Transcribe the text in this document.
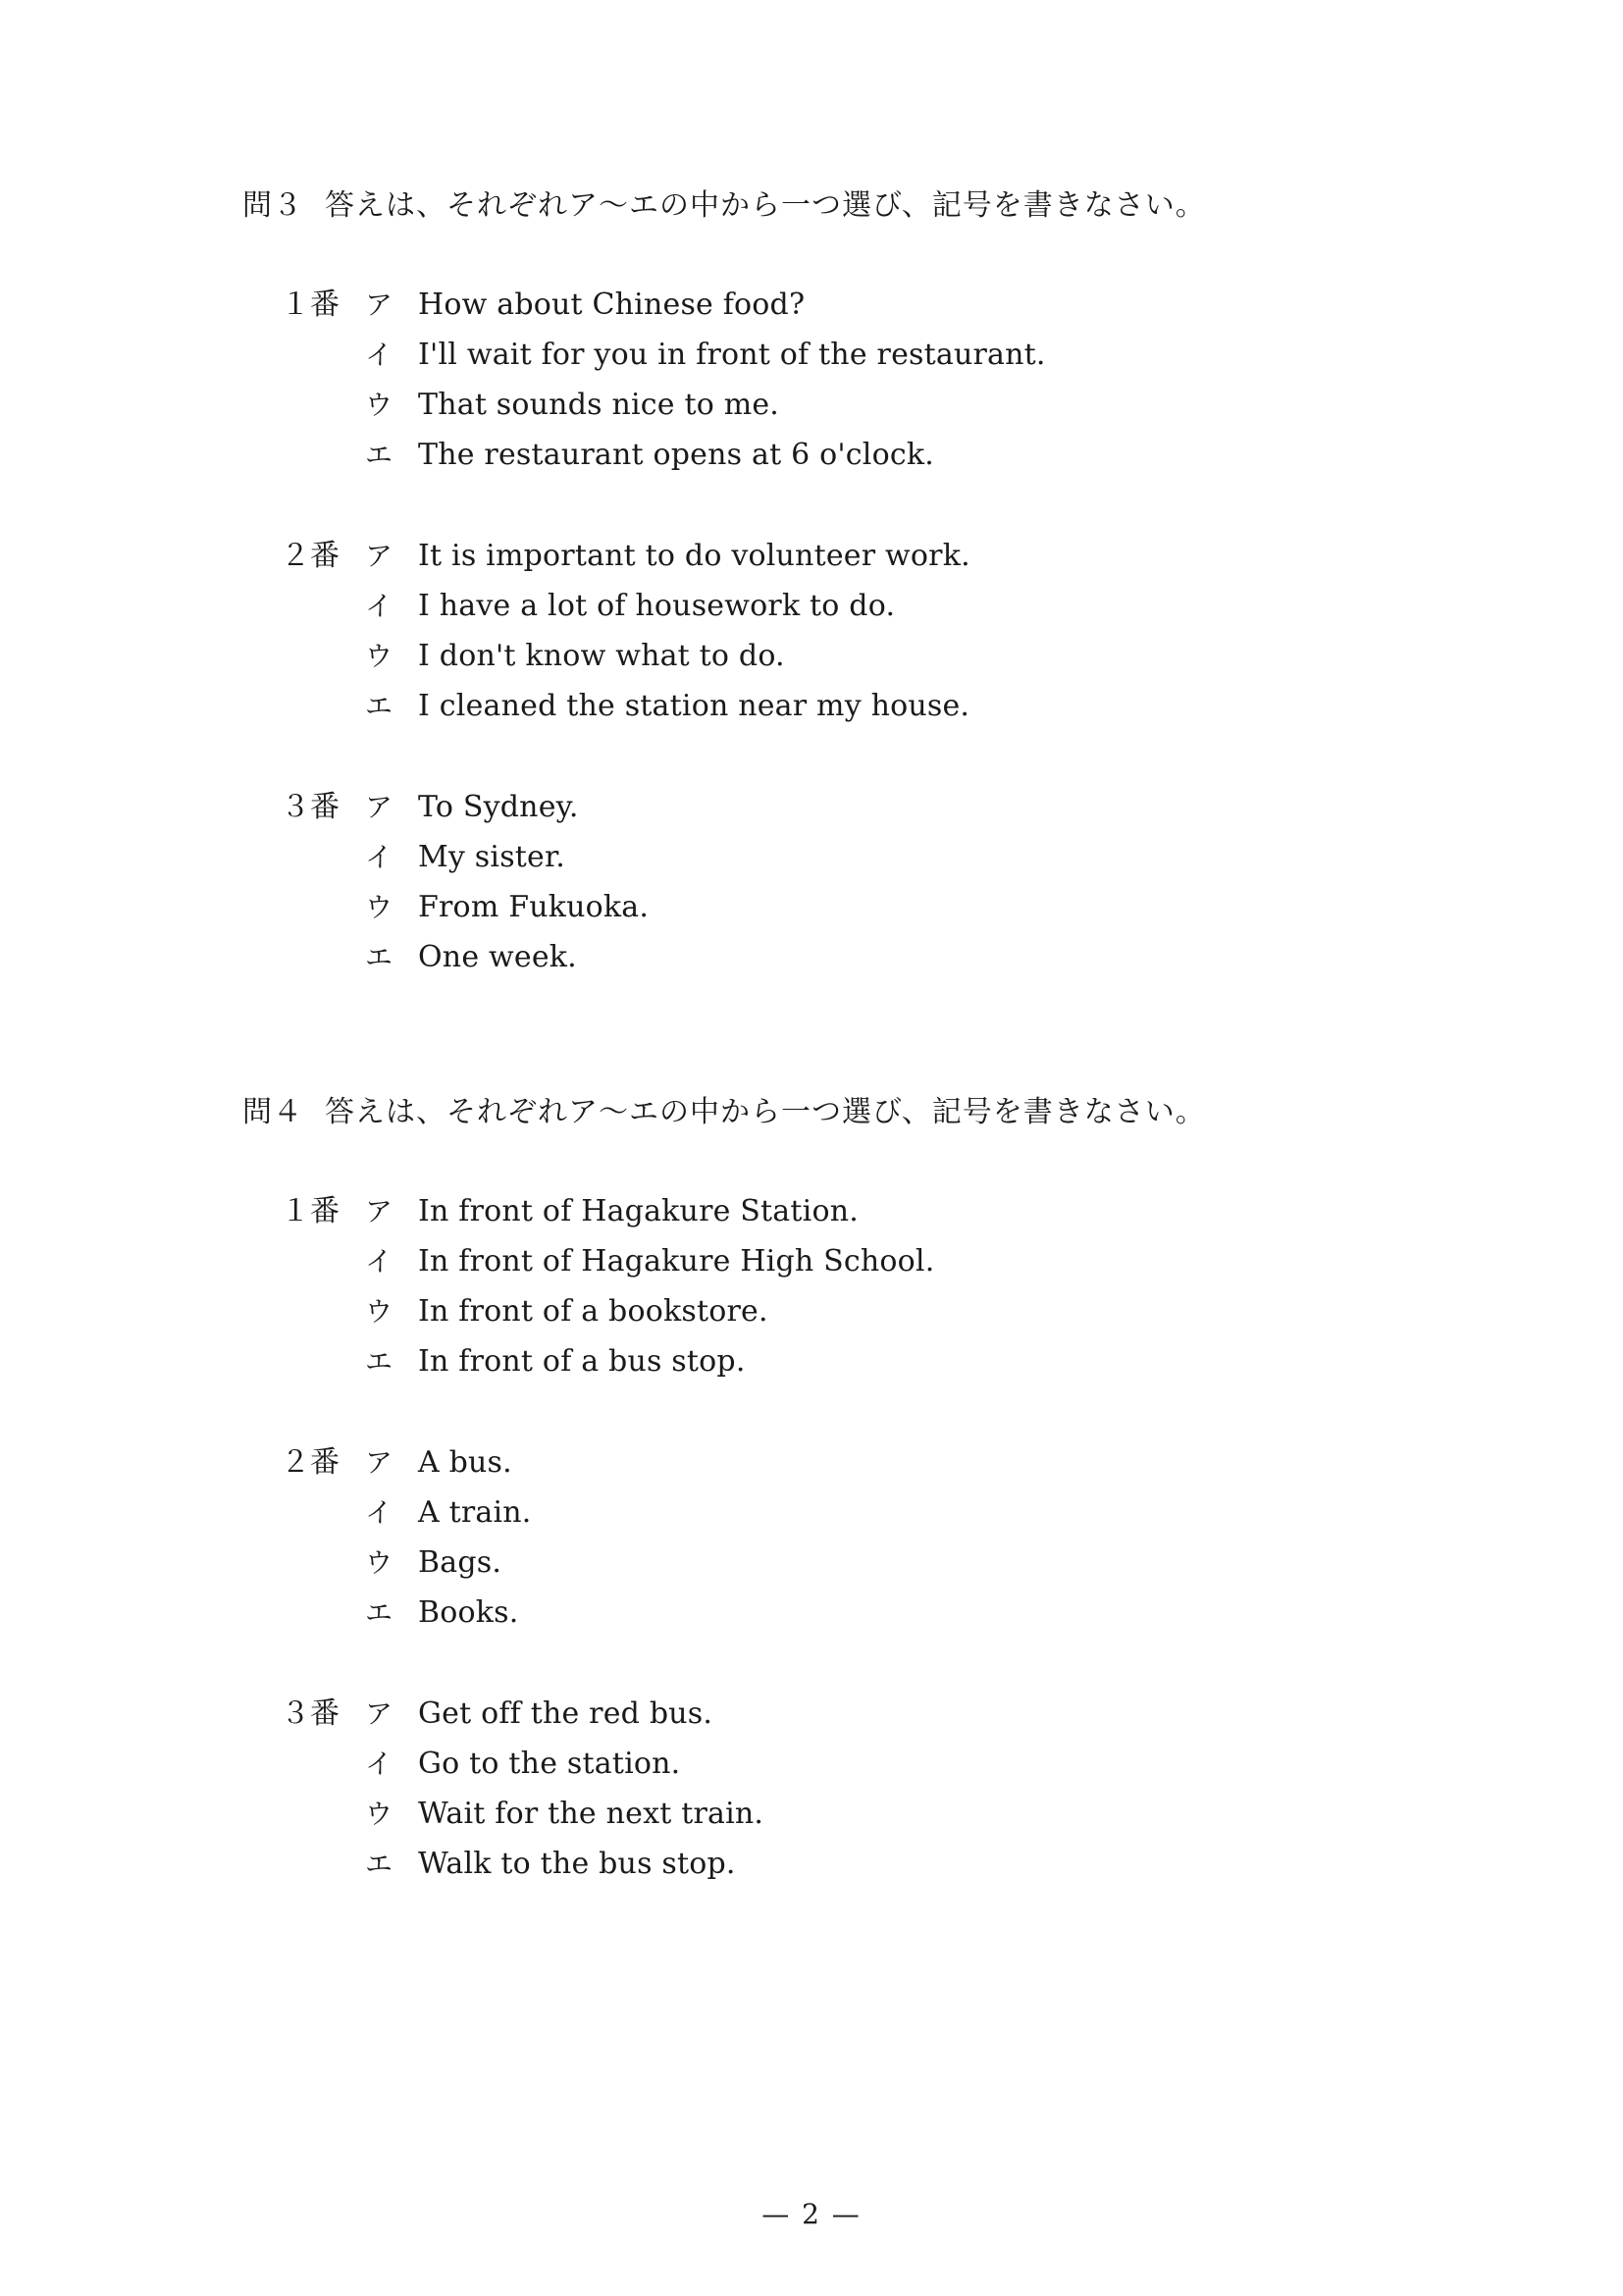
問３ 答えは、それぞれア～エの中から一つ選び、記号を書きなさい。
１番 ア How about Chinese food?
イ I'll wait for you in front of the restaurant.
ウ That sounds nice to me.
エ The restaurant opens at 6 o'clock.
２番 ア It is important to do volunteer work.
イ I have a lot of housework to do.
ウ I don't know what to do.
エ I cleaned the station near my house.
３番 ア To Sydney.
イ My sister.
ウ From Fukuoka.
エ One week.
問４ 答えは、それぞれア～エの中から一つ選び、記号を書きなさい。
１番 ア In front of Hagakure Station.
イ In front of Hagakure High School.
ウ In front of a bookstore.
エ In front of a bus stop.
２番 ア A bus.
イ A train.
ウ Bags.
エ Books.
３番 ア Get off the red bus.
イ Go to the station.
ウ Wait for the next train.
エ Walk to the bus stop.
— 2 —
